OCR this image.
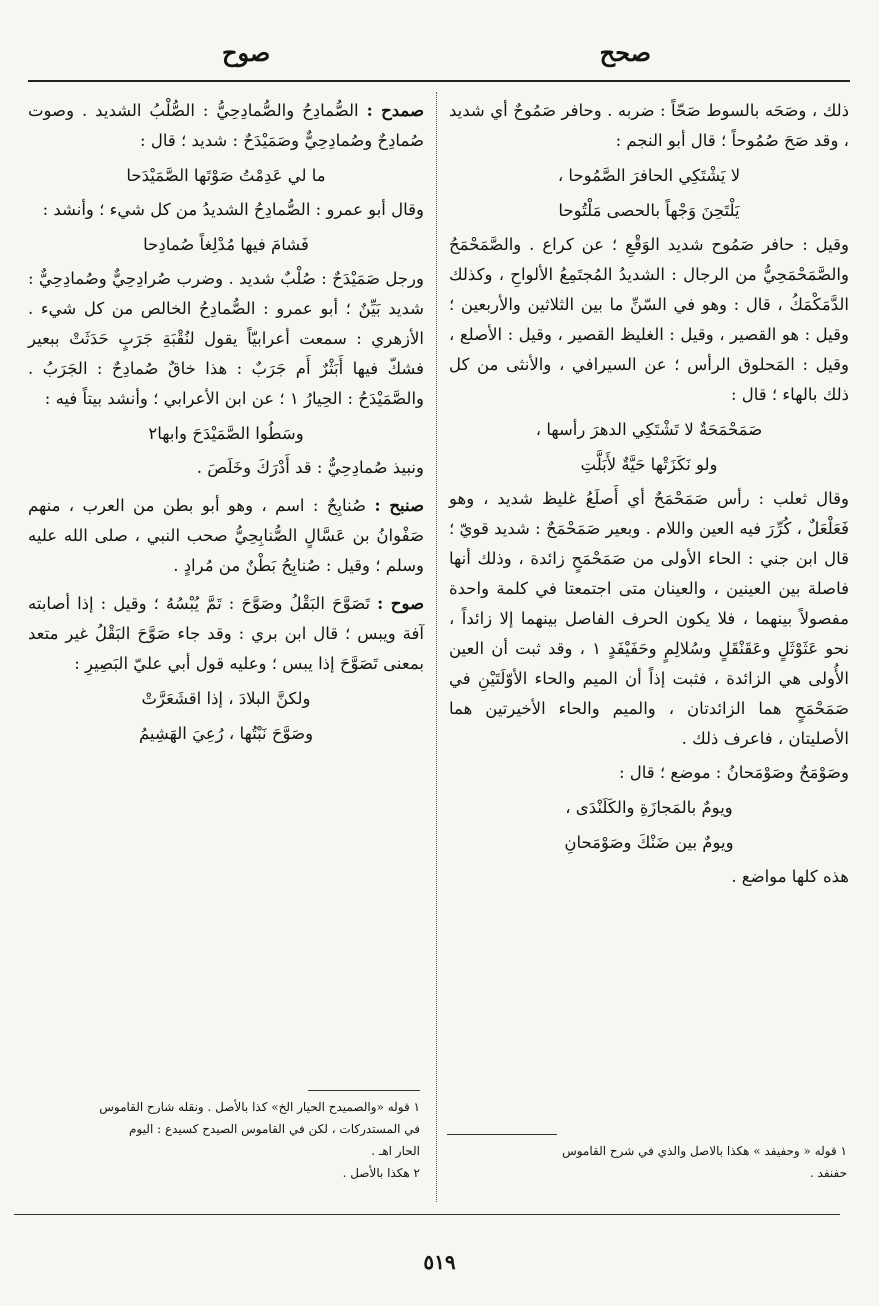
صحح
صوح

ذلك ، وصَحَه بالسوط صَحّاً : ضربه . وحافر صَمُوحٌ أي شديد ، وقد صَحَ صُمُوحاً ؛ قال أبو النجم :

لا يَشْتَكِي الحافرَ الصَّمُوحا ،

يَلْتَحِنَ وَجْهاً بالحصى مَلْتُوحا

وقيل : حافر صَمُوح شديد الوَقْعِ ؛ عن كراع . والصَّمَحْمَحُ والصَّمَحْمَحِيُّ من الرجال : الشديدُ المُجتَمِعُ الألواحِ ، وكذلك الدَّمَكْمَكُ ، قال : وهو في السّنِّ ما بين الثلاثين والأربعين ؛ وقيل : هو القصير ، وقيل : الغليظ القصير ، وقيل : الأصلع ، وقيل : المَحلوق الرأس ؛ عن السيرافي ، والأنثى من كل ذلك بالهاء ؛ قال :

صَمَحْمَحَةٌ لا تَشْتَكِي الدهرَ رأسها ،

ولو نَكَزَتْها حَيَّةٌ لأَبَلَّتِ

وقال ثعلب : رأس صَمَحْمَحٌ أي أَصلَعُ غليظ شديد ، وهو فَعَلْعَلٌ ، كُرِّرَ فيه العين واللام . وبعير صَمَحْمَحٌ : شديد قويّ ؛ قال ابن جني : الحاء الأولى من صَمَحْمَحٍ زائدة ، وذلك أنها فاصلة بين العينين ، والعينان متى اجتمعتا في كلمة واحدة مفصولاً بينهما ، فلا يكون الحرف الفاصل بينهما إلا زائداً ، نحو عَثَوْثَلٍ وعَقَنْقَلٍ وسُلالِمٍ وحَفَيْفَدٍ ١ ، وقد ثبت أن العين الأُولى هي الزائدة ، فثبت إذاً أن الميم والحاء الأوّلَتَيْنِ في صَمَحْمَحٍ هما الزائدتان ، والميم والحاء الأخيرتين هما الأصليتان ، فاعرف ذلك .

وصَوْمَحٌ وصَوْمَحانُ : موضع ؛ قال :

ويومٌ بالمَجازَةِ والكَلَنْدَى ،

ويومٌ بين ضَنْكَ وصَوْمَحانِ

هذه كلها مواضع .

صمدح : الصُّمادِحُ والصُّمادِحِيُّ : الصُّلْبُ الشديد . وصوت صُمادِحٌ وصُمادِحِيٌّ وصَمَيْدَحٌ : شديد ؛ قال :

ما لي عَدِمْتُ صَوْتَها الصَّمَيْدَحا

وقال أبو عمرو : الصُّمادِحُ الشديدُ من كل شيء ؛ وأنشد :

فَشامَ فيها مُدْلِغاً صُمادِحا

ورجل صَمَيْدَحٌ : صُلْبٌ شديد . وضرب صُرادِحِيٌّ وصُمادِحِيٌّ : شديد بَيِّنٌ ؛ أبو عمرو : الصُّمادِحُ الخالص من كل شيء . الأزهري : سمعت أعرابيّاً يقول لنُقْبَةِ جَرَبٍ حَدَثَتْ ببعير فشكّ فيها أَبَثْرٌ أَم جَرَبٌ : هذا خاقٌ صُمادِحٌ : الجَرَبُ . والصَّمَيْدَحُ : الحِيارُ ١ ؛ عن ابن الأعرابي ؛ وأنشد بيتاً فيه :

وسَطُوا الصَّمَيْدَحَ وابها٢

ونبيذ صُمادِحِيٌّ : قد أَدْرَكَ وخَلَصَ .

صنبح : صُنابِحٌ : اسم ، وهو أبو بطن من العرب ، منهم صَفْوانُ بن عَسَّالٍ الصُّنابِحِيُّ صحب النبي ، صلى الله عليه وسلم ؛ وقيل : صُنابِحُ بَطْنٌ من مُرادٍ .

صوح : تَصَوَّحَ البَقْلُ وصَوَّحَ : تَمَّ يُبْسُهُ ؛ وقيل : إذا أصابته آفة ويبس ؛ قال ابن بري : وقد جاء صَوَّحَ البَقْلُ غير متعد بمعنى تَصَوَّحَ إذا يبس ؛ وعليه قول أبي عليّ البَصِيرِ :

ولكنَّ البلادَ ، إذا اقشَعَرَّتْ

وصَوَّحَ نَبْتُها ، رُعِيَ الهَشِيمُ

١ قوله « وحفيفد » هكذا بالاصل والذي في شرح القاموس

حفنفد .

١ قوله «والصميدح الحيار الخ» كذا بالأصل . ونقله شارح القاموس

في المستدركات ، لكن في القاموس الصيدح كسيدع : اليوم

الحار اهـ .

٢ هكذا بالأصل .

٥١٩
